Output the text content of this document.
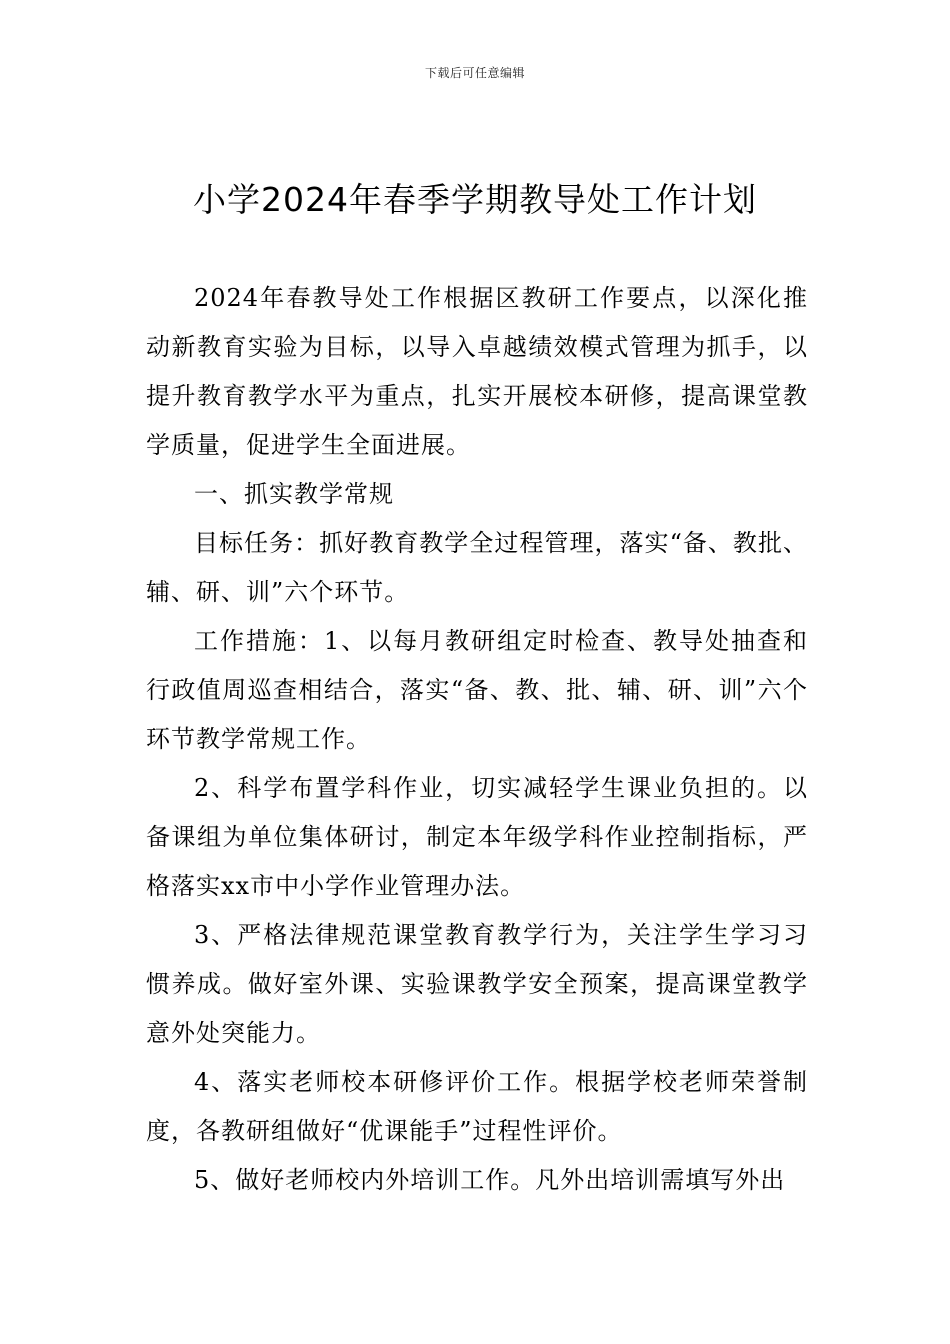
下载后可任意编辑
小学2024年春季学期教导处工作计划

2024年春教导处工作根据区教研工作要点，以深化推动新教育实验为目标，以导入卓越绩效模式管理为抓手，以提升教育教学水平为重点，扎实开展校本研修，提高课堂教学质量，促进学生全面进展。

一、抓实教学常规

目标任务：抓好教育教学全过程管理，落实“备、教批、辅、研、训”六个环节。

工作措施：1、以每月教研组定时检查、教导处抽查和行政值周巡查相结合，落实“备、教、批、辅、研、训”六个环节教学常规工作。

2、科学布置学科作业，切实减轻学生课业负担的。以备课组为单位集体研讨，制定本年级学科作业控制指标，严格落实xx市中小学作业管理办法。

3、严格法律规范课堂教育教学行为，关注学生学习习惯养成。做好室外课、实验课教学安全预案，提高课堂教学意外处突能力。

4、落实老师校本研修评价工作。根据学校老师荣誉制度，各教研组做好“优课能手”过程性评价。

5、做好老师校内外培训工作。凡外出培训需填写外出
